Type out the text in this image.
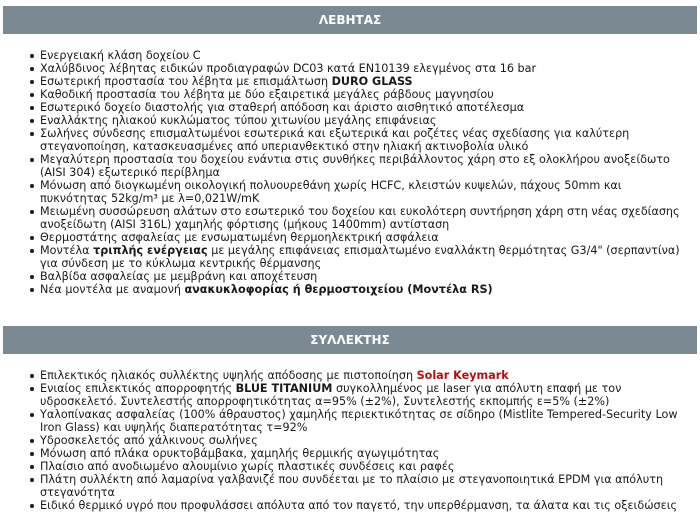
ΛΕΒΗΤΑΣ
Ενεργειακή κλάση δοχείου C
Χαλύβδινος λέβητας ειδικών προδιαγραφών DC03 κατά EN10139 ελεγμένος στα 16 bar
Εσωτερική προστασία του λέβητα με επισμάλτωση DURO GLASS
Καθοδική προστασία του λέβητα με δύο εξαιρετικά μεγάλες ράβδους μαγνησίου
Εσωτερικό δοχείο διαστολής για σταθερή απόδοση και άριστο αισθητικό αποτέλεσμα
Εναλλάκτης ηλιακού κυκλώματος τύπου χιτωνίου μεγάλης επιφάνειας
Σωλήνες σύνδεσης επισμαλτωμένοι εσωτερικά και εξωτερικά και ροζέτες νέας σχεδίασης για καλύτερη στεγανοποίηση, κατασκευασμένες από υπεριανθεκτικό στην ηλιακή ακτινοβολία υλικό
Μεγαλύτερη προστασία του δοχείου ενάντια στις συνθήκες περιβάλλοντος χάρη στο εξ ολοκλήρου ανοξείδωτο (AISI 304) εξωτερικό περίβλημα
Μόνωση από διογκωμένη οικολογική πολυουρεθάνη χωρίς HCFC, κλειστών κυψελών, πάχους 50mm και πυκνότητας 52kg/m³ με λ=0,021W/mK
Μειωμένη συσσώρευση αλάτων στο εσωτερικό του δοχείου και ευκολότερη συντήρηση χάρη στη νέας σχεδίασης ανοξείδωτη (AISI 316L) χαμηλής φόρτισης (μήκους 1400mm) αντίσταση
Θερμοστάτης ασφαλείας με ενσωματωμένη θερμοηλεκτρική ασφάλεια
Μοντέλα τριπλής ενέργειας με μεγάλης επιφάνειας επισμαλτωμένο εναλλάκτη θερμότητας G3/4" (σερπαντίνα) για σύνδεση με το κύκλωμα κεντρικής θέρμανσης
Βαλβίδα ασφαλείας με μεμβράνη και αποχέτευση
Νέα μοντέλα με αναμονή ανακυκλοφορίας ή θερμοστοιχείου (Μοντέλα RS)
ΣΥΛΛΕΚΤΗΣ
Επιλεκτικός ηλιακός συλλέκτης υψηλής απόδοσης με πιστοποίηση Solar Keymark
Ενιαίος επιλεκτικός απορροφητής BLUE TITANIUM συγκολλημένος με laser για απόλυτη επαφή με τον υδροσκελετό. Συντελεστής απορροφητικότητας α=95% (±2%), Συντελεστής εκπομπής ε=5% (±2%)
Υαλοπίνακας ασφαλείας (100% άθραυστος) χαμηλής περιεκτικότητας σε σίδηρο (Mistlite Tempered-Security Low Iron Glass) και υψηλής διαπερατότητας τ=92%
Υδροσκελετός από χάλκινους σωλήνες
Μόνωση από πλάκα ορυκτοβάμβακα, χαμηλής θερμικής αγωγιμότητας
Πλαίσιο από ανοδιωμένο αλουμίνιο χωρίς πλαστικές συνδέσεις και ραφές
Πλάτη συλλέκτη από λαμαρίνα γαλβανιζέ που συνδέεται με το πλαίσιο με στεγανοποιητικά EPDM για απόλυτη στεγανότητα
Ειδικό θερμικό υγρό που προφυλάσσει απόλυτα από τον παγετό, την υπερθέρμανση, τα άλατα και τις οξειδώσεις
